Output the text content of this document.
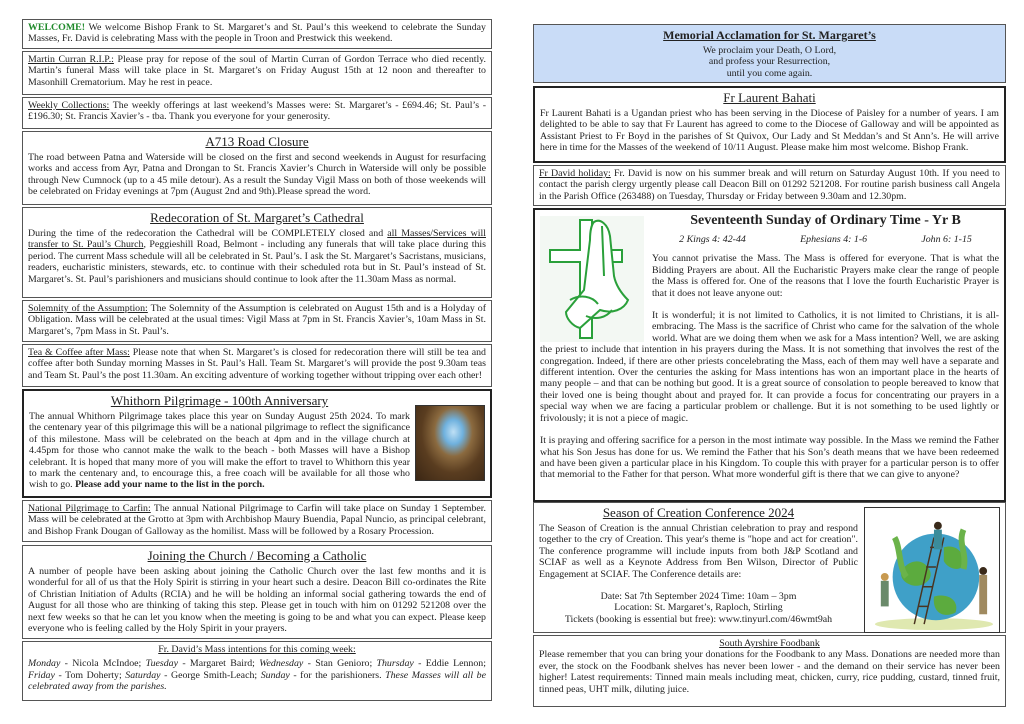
WELCOME! We welcome Bishop Frank to St. Margaret’s and St. Paul’s this weekend to celebrate the Sunday Masses, Fr. David is celebrating Mass with the people in Troon and Prestwick this weekend.
Martin Curran R.I.P.: Please pray for repose of the soul of Martin Curran of Gordon Terrace who died recently. Martin’s funeral Mass will take place in St. Margaret’s on Friday August 15th at 12 noon and thereafter to Masonhill Crematorium. May he rest in peace.
Weekly Collections: The weekly offerings at last weekend’s Masses were: St. Margaret’s - £694.46; St. Paul’s - £196.30; St. Francis Xavier’s - tba. Thank you everyone for your generosity.
A713 Road Closure
The road between Patna and Waterside will be closed on the first and second weekends in August for resurfacing works and access from Ayr, Patna and Drongan to St. Francis Xavier’s Church in Waterside will only be possible through New Cumnock (up to a 45 mile detour). As a result the Sunday Vigil Mass on both of those weekends will be celebrated on Friday evenings at 7pm (August 2nd and 9th).Please spread the word.
Redecoration of St. Margaret’s Cathedral
During the time of the redecoration the Cathedral will be COMPLETELY closed and all Masses/Services will transfer to St. Paul’s Church, Peggieshill Road, Belmont - including any funerals that will take place during this period. The current Mass schedule will all be celebrated in St. Paul’s. I ask the St. Margaret’s Sacristans, musicians, readers, eucharistic ministers, stewards, etc. to continue with their scheduled rota but in St. Paul’s instead of St. Margaret’s. St. Paul’s parishioners and musicians should continue to look after the 11.30am Mass as normal.
Solemnity of the Assumption: The Solemnity of the Assumption is celebrated on August 15th and is a Holyday of Obligation. Mass will be celebrated at the usual times: Vigil Mass at 7pm in St. Francis Xavier’s, 10am Mass in St. Margaret’s, 7pm Mass in St. Paul’s.
Tea & Coffee after Mass: Please note that when St. Margaret’s is closed for redecoration there will still be tea and coffee after both Sunday morning Masses in St. Paul’s Hall. Team St. Margaret’s will provide the post 9.30am teas and Team St. Paul’s the post 11.30am. An exciting adventure of working together without tripping over each other!
Whithorn Pilgrimage - 100th Anniversary
The annual Whithorn Pilgrimage takes place this year on Sunday August 25th 2024. To mark the centenary year of this pilgrimage this will be a national pilgrimage to reflect the significance of this milestone. Mass will be celebrated on the beach at 4pm and in the village church at 4.45pm for those who cannot make the walk to the beach - both Masses will have a Bishop celebrant. It is hoped that many more of you will make the effort to travel to Whithorn this year to mark the centenary and, to encourage this, a free coach will be available for all those who wish to go. Please add your name to the list in the porch.
National Pilgrimage to Carfin: The annual National Pilgrimage to Carfin will take place on Sunday 1 September. Mass will be celebrated at the Grotto at 3pm with Archbishop Maury Buendia, Papal Nuncio, as principal celebrant, and Bishop Frank Dougan of Galloway as the homilist. Mass will be followed by a Rosary Procession.
Joining the Church / Becoming a Catholic
A number of people have been asking about joining the Catholic Church over the last few months and it is wonderful for all of us that the Holy Spirit is stirring in your heart such a desire. Deacon Bill co-ordinates the Rite of Christian Initiation of Adults (RCIA) and he will be holding an informal social gathering towards the end of August for all those who are thinking of taking this step. Please get in touch with him on 01292 521208 over the next few weeks so that he can let you know when the meeting is going to be and what you can expect. Please keep everyone who is feeling called by the Holy Spirit in your prayers.
Fr. David’s Mass intentions for this coming week:
Monday - Nicola McIndoe; Tuesday - Margaret Baird; Wednesday - Stan Genioro; Thursday - Eddie Lennon; Friday - Tom Doherty; Saturday - George Smith-Leach; Sunday - for the parishioners. These Masses will all be celebrated away from the parishes.
Memorial Acclamation for St. Margaret’s
We proclaim your Death, O Lord,
and profess your Resurrection,
until you come again.
Fr Laurent Bahati
Fr Laurent Bahati is a Ugandan priest who has been serving in the Diocese of Paisley for a number of years. I am delighted to be able to say that Fr Laurent has agreed to come to the Diocese of Galloway and will be appointed as Assistant Priest to Fr Boyd in the parishes of St Quivox, Our Lady and St Meddan’s and St Ann’s. He will arrive here in time for the Masses of the weekend of 10/11 August. Please make him most welcome. Bishop Frank.
Fr David holiday: Fr. David is now on his summer break and will return on Saturday August 10th. If you need to contact the parish clergy urgently please call Deacon Bill on 01292 521208. For routine parish business call Angela in the Parish Office (263488) on Tuesday, Thursday or Friday between 9.30am and 12.30pm.
Seventeenth Sunday of Ordinary Time - Yr B
2 Kings 4: 42-44	Ephesians 4: 1-6	John 6: 1-15

You cannot privatise the Mass. The Mass is offered for everyone. That is what the Bidding Prayers are about. All the Eucharistic Prayers make clear the range of people the Mass is offered for. One of the reasons that I love the fourth Eucharistic Prayer is that it does not leave anyone out:

It is wonderful; it is not limited to Catholics, it is not limited to Christians, it is all-embracing. The Mass is the sacrifice of Christ who came for the salvation of the whole world. What are we doing them when we ask for a Mass intention? Well, we are asking the priest to include that intention in his prayers during the Mass. It is not something that involves the rest of the congregation. Indeed, if there are other priests concelebrating the Mass, each of them may well have a separate and different intention. Over the centuries the asking for Mass intentions has won an important place in the hearts of many people – and that can be nothing but good. It is a great source of consolation to people bereaved to know that their loved one is being thought about and prayed for. It can provide a focus for concentrating our prayers in a special way when we are facing a particular problem or challenge. But it is not something to be used lightly or frivolously; it is not a piece of magic.

It is praying and offering sacrifice for a person in the most intimate way possible. In the Mass we remind the Father what his Son Jesus has done for us. We remind the Father that his Son’s death means that we have been redeemed and have been given a particular place in his Kingdom. To couple this with prayer for a particular person is to offer that memorial to the Father for that person. What more wonderful gift is there that we can give to anyone?

Season of Creation Conference 2024
The Season of Creation is the annual Christian celebration to pray and respond together to the cry of Creation. This year's theme is "hope and act for creation". The conference programme will include inputs from both J&P Scotland and SCIAF as well as a Keynote Address from Ben Wilson, Director of Public Engagement at SCIAF. The Conference details are:
Date: Sat 7th September 2024 Time: 10am – 3pm
Location: St. Margaret’s, Raploch, Stirling
Tickets (booking is essential but free): www.tinyurl.com/46wmt9ah
South Ayrshire Foodbank
Please remember that you can bring your donations for the Foodbank to any Mass. Donations are needed more than ever, the stock on the Foodbank shelves has never been lower - and the demand on their service has never been higher! Latest requirements: Tinned main meals including meat, chicken, curry, rice pudding, custard, tinned fruit, tinned peas, UHT milk, diluting juice.
